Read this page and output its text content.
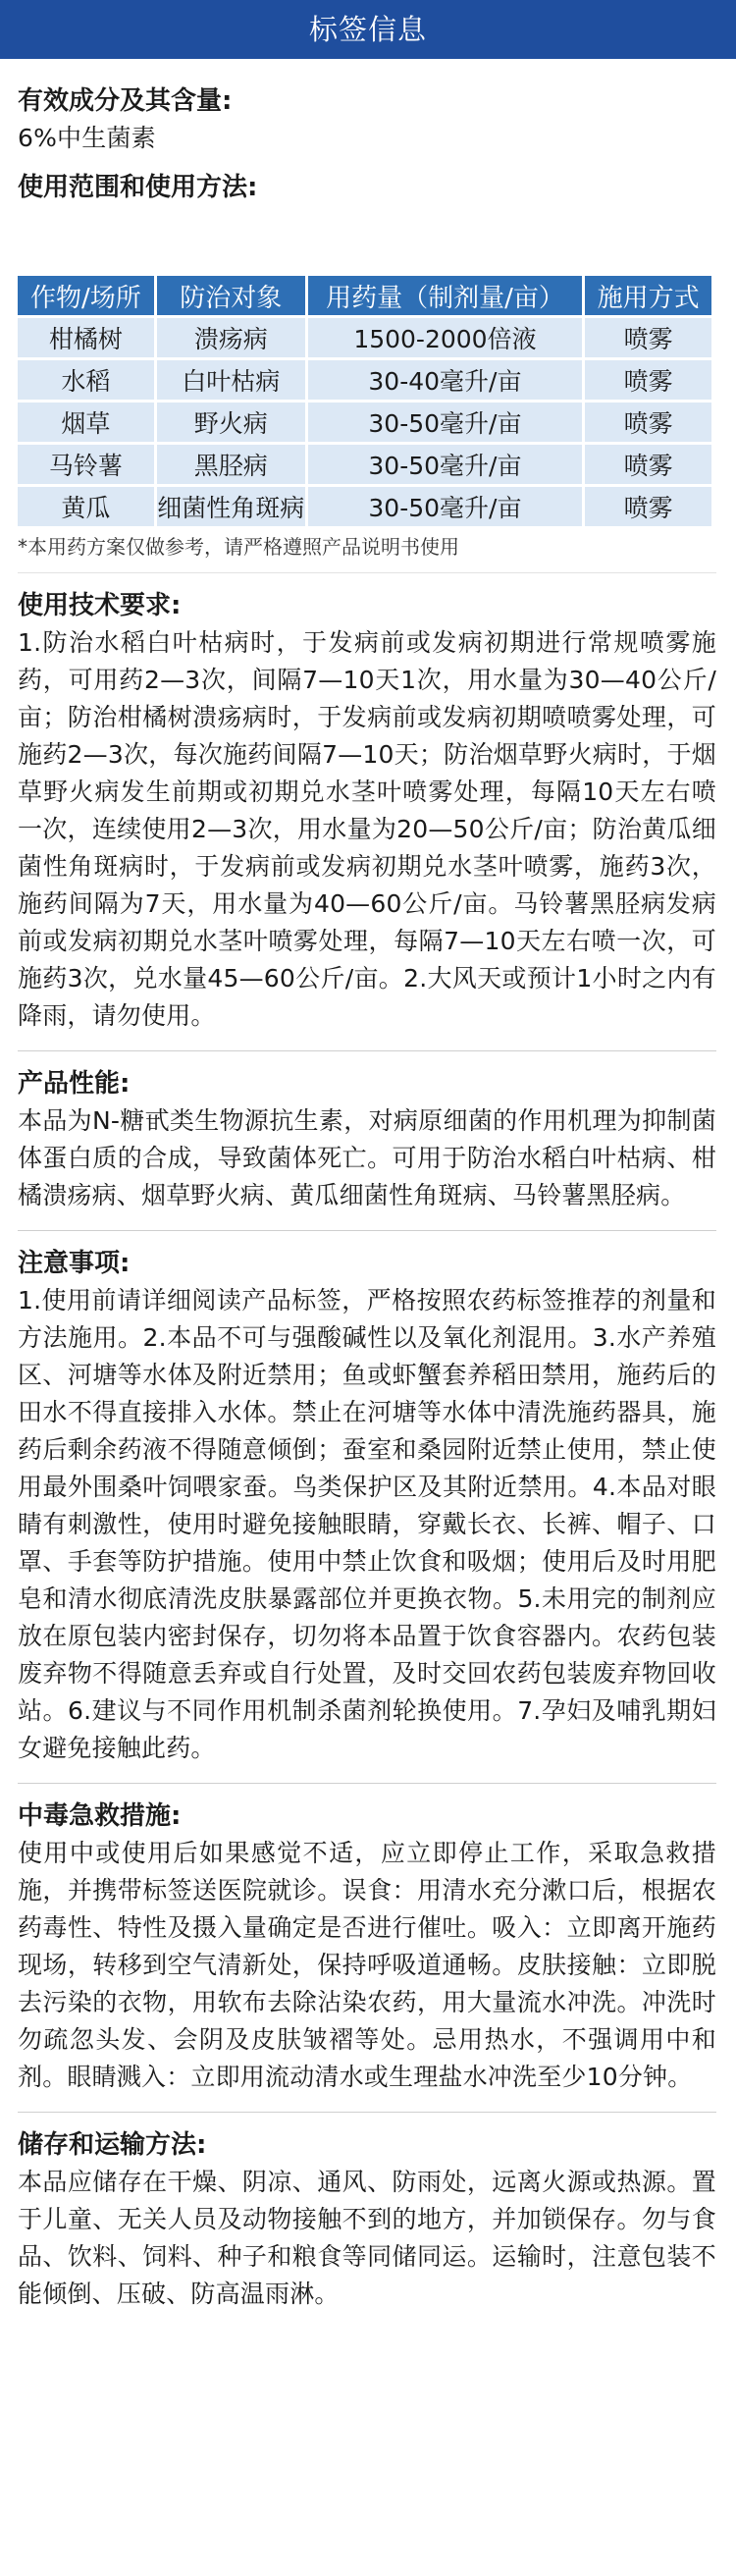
标签信息
有效成分及其含量:
6%中生菌素
使用范围和使用方法:
作物/场所	防治对象	用药量（制剂量/亩）	施用方式
柑橘树	溃疡病	1500-2000倍液	喷雾
水稻	白叶枯病	30-40毫升/亩	喷雾
烟草	野火病	30-50毫升/亩	喷雾
马铃薯	黑胫病	30-50毫升/亩	喷雾
黄瓜	细菌性角斑病	30-50毫升/亩	喷雾
*本用药方案仅做参考，请严格遵照产品说明书使用
使用技术要求:
1.防治水稻白叶枯病时，于发病前或发病初期进行常规喷雾施药，可用药2—3次，间隔7—10天1次，用水量为30—40公斤/亩；防治柑橘树溃疡病时，于发病前或发病初期喷喷雾处理，可施药2—3次，每次施药间隔7—10天；防治烟草野火病时，于烟草野火病发生前期或初期兑水茎叶喷雾处理，每隔10天左右喷一次，连续使用2—3次，用水量为20—50公斤/亩；防治黄瓜细菌性角斑病时，于发病前或发病初期兑水茎叶喷雾，施药3次，施药间隔为7天，用水量为40—60公斤/亩。马铃薯黑胫病发病前或发病初期兑水茎叶喷雾处理，每隔7—10天左右喷一次，可施药3次，兑水量45—60公斤/亩。2.大风天或预计1小时之内有降雨，请勿使用。
产品性能:
本品为N-糖甙类生物源抗生素，对病原细菌的作用机理为抑制菌体蛋白质的合成，导致菌体死亡。可用于防治水稻白叶枯病、柑橘溃疡病、烟草野火病、黄瓜细菌性角斑病、马铃薯黑胫病。
注意事项:
1.使用前请详细阅读产品标签，严格按照农药标签推荐的剂量和方法施用。2.本品不可与强酸碱性以及氧化剂混用。3.水产养殖区、河塘等水体及附近禁用；鱼或虾蟹套养稻田禁用，施药后的田水不得直接排入水体。禁止在河塘等水体中清洗施药器具，施药后剩余药液不得随意倾倒；蚕室和桑园附近禁止使用，禁止使用最外围桑叶饲喂家蚕。鸟类保护区及其附近禁用。4.本品对眼睛有刺激性，使用时避免接触眼睛，穿戴长衣、长裤、帽子、口罩、手套等防护措施。使用中禁止饮食和吸烟；使用后及时用肥皂和清水彻底清洗皮肤暴露部位并更换衣物。5.未用完的制剂应放在原包装内密封保存，切勿将本品置于饮食容器内。农药包装废弃物不得随意丢弃或自行处置，及时交回农药包装废弃物回收站。6.建议与不同作用机制杀菌剂轮换使用。7.孕妇及哺乳期妇女避免接触此药。
中毒急救措施:
使用中或使用后如果感觉不适，应立即停止工作，采取急救措施，并携带标签送医院就诊。误食：用清水充分漱口后，根据农药毒性、特性及摄入量确定是否进行催吐。吸入：立即离开施药现场，转移到空气清新处，保持呼吸道通畅。皮肤接触：立即脱去污染的衣物，用软布去除沾染农药，用大量流水冲洗。冲洗时勿疏忽头发、会阴及皮肤皱褶等处。忌用热水，不强调用中和剂。眼睛溅入：立即用流动清水或生理盐水冲洗至少10分钟。
储存和运输方法:
本品应储存在干燥、阴凉、通风、防雨处，远离火源或热源。置于儿童、无关人员及动物接触不到的地方，并加锁保存。勿与食品、饮料、饲料、种子和粮食等同储同运。运输时，注意包装不能倾倒、压破、防高温雨淋。
